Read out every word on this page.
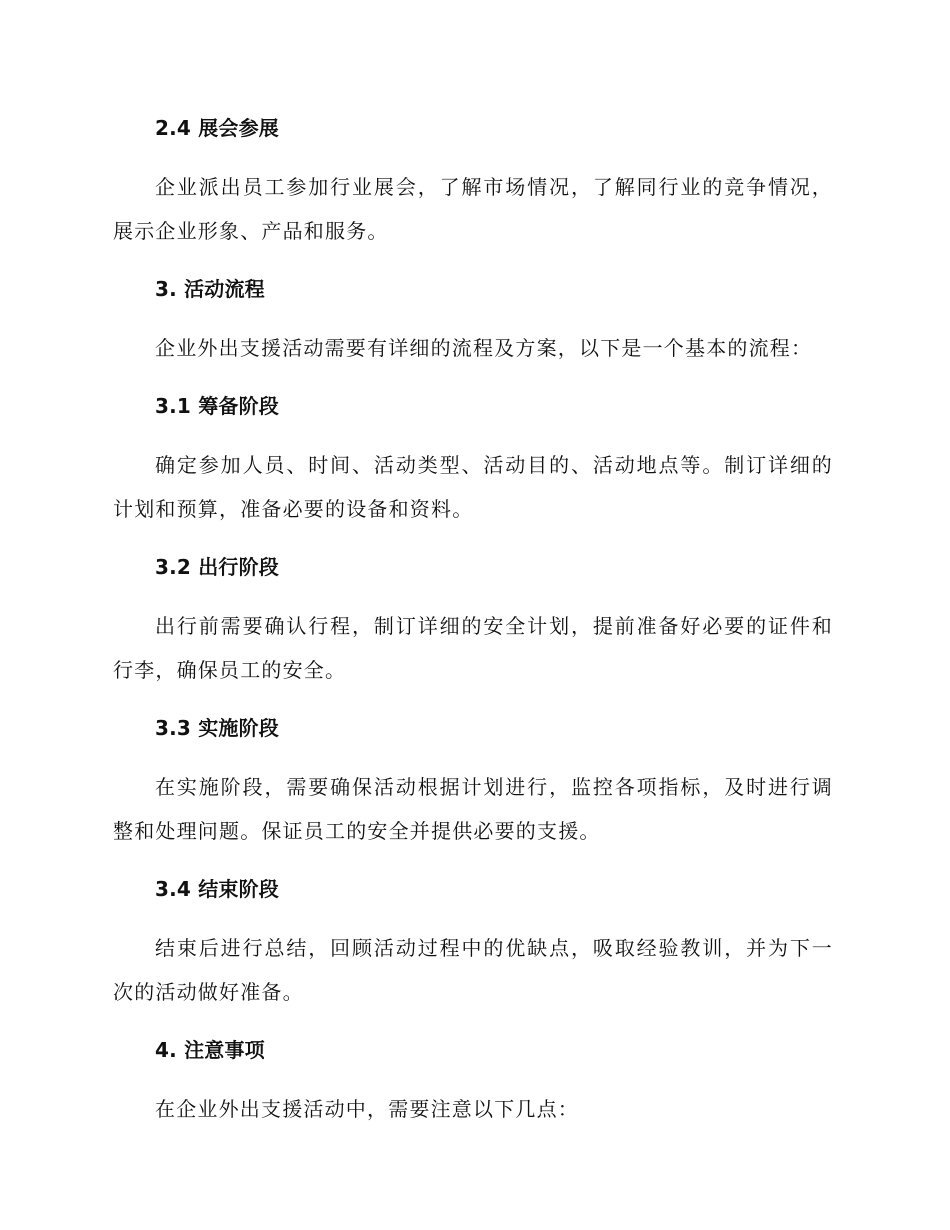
2.4 展会参展

企业派出员工参加行业展会，了解市场情况，了解同行业的竞争情况，展示企业形象、产品和服务。

3. 活动流程

企业外出支援活动需要有详细的流程及方案，以下是一个基本的流程：

3.1 筹备阶段

确定参加人员、时间、活动类型、活动目的、活动地点等。制订详细的计划和预算，准备必要的设备和资料。

3.2 出行阶段

出行前需要确认行程，制订详细的安全计划，提前准备好必要的证件和行李，确保员工的安全。

3.3 实施阶段

在实施阶段，需要确保活动根据计划进行，监控各项指标，及时进行调整和处理问题。保证员工的安全并提供必要的支援。

3.4 结束阶段

结束后进行总结，回顾活动过程中的优缺点，吸取经验教训，并为下一次的活动做好准备。

4. 注意事项

在企业外出支援活动中，需要注意以下几点：
